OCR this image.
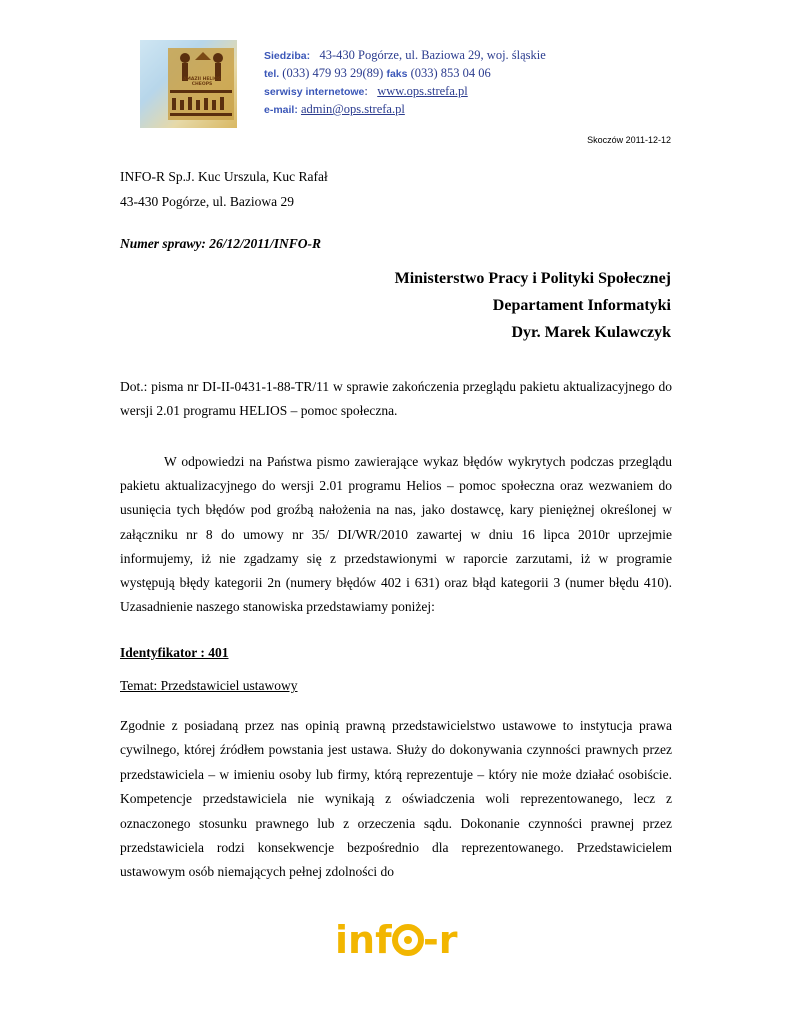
AMAZII HELIOS CHEOPS
Siedziba: 43-430 Pogórze, ul. Baziowa 29, woj. śląskie
tel. (033) 479 93 29(89) faks (033) 853 04 06
serwisy internetowe: www.ops.strefa.pl
e-mail: admin@ops.strefa.pl
Skoczów 2011-12-12
INFO-R Sp.J. Kuc Urszula, Kuc Rafał
43-430 Pogórze, ul. Baziowa 29
Numer sprawy: 26/12/2011/INFO-R
Ministerstwo Pracy i Polityki Społecznej
Departament Informatyki
Dyr. Marek Kulawczyk
Dot.: pisma nr DI-II-0431-1-88-TR/11 w sprawie zakończenia przeglądu pakietu aktualizacyjnego do wersji 2.01 programu HELIOS – pomoc społeczna.
W odpowiedzi na Państwa pismo zawierające wykaz błędów wykrytych podczas przeglądu pakietu aktualizacyjnego do wersji 2.01 programu Helios – pomoc społeczna oraz wezwaniem do usunięcia tych błędów pod groźbą nałożenia na nas, jako dostawcę, kary pieniężnej określonej w załączniku nr 8 do umowy nr 35/ DI/WR/2010 zawartej w dniu 16 lipca 2010r uprzejmie informujemy, iż nie zgadzamy się z przedstawionymi w raporcie zarzutami, iż w programie występują błędy kategorii 2n (numery błędów 402 i 631) oraz błąd kategorii 3 (numer błędu 410). Uzasadnienie naszego stanowiska przedstawiamy poniżej:
Identyfikator : 401
Temat: Przedstawiciel ustawowy
Zgodnie z posiadaną przez nas opinią prawną przedstawicielstwo ustawowe to instytucja prawa cywilnego, której źródłem powstania jest ustawa. Służy do dokonywania czynności prawnych przez przedstawiciela – w imieniu osoby lub firmy, którą reprezentuje – który nie może działać osobiście. Kompetencje przedstawiciela nie wynikają z oświadczenia woli reprezentowanego, lecz z oznaczonego stosunku prawnego lub z orzeczenia sądu. Dokonanie czynności prawnej przez przedstawiciela rodzi konsekwencje bezpośrednio dla reprezentowanego. Przedstawicielem ustawowym osób niemających pełnej zdolności do
inf -r
